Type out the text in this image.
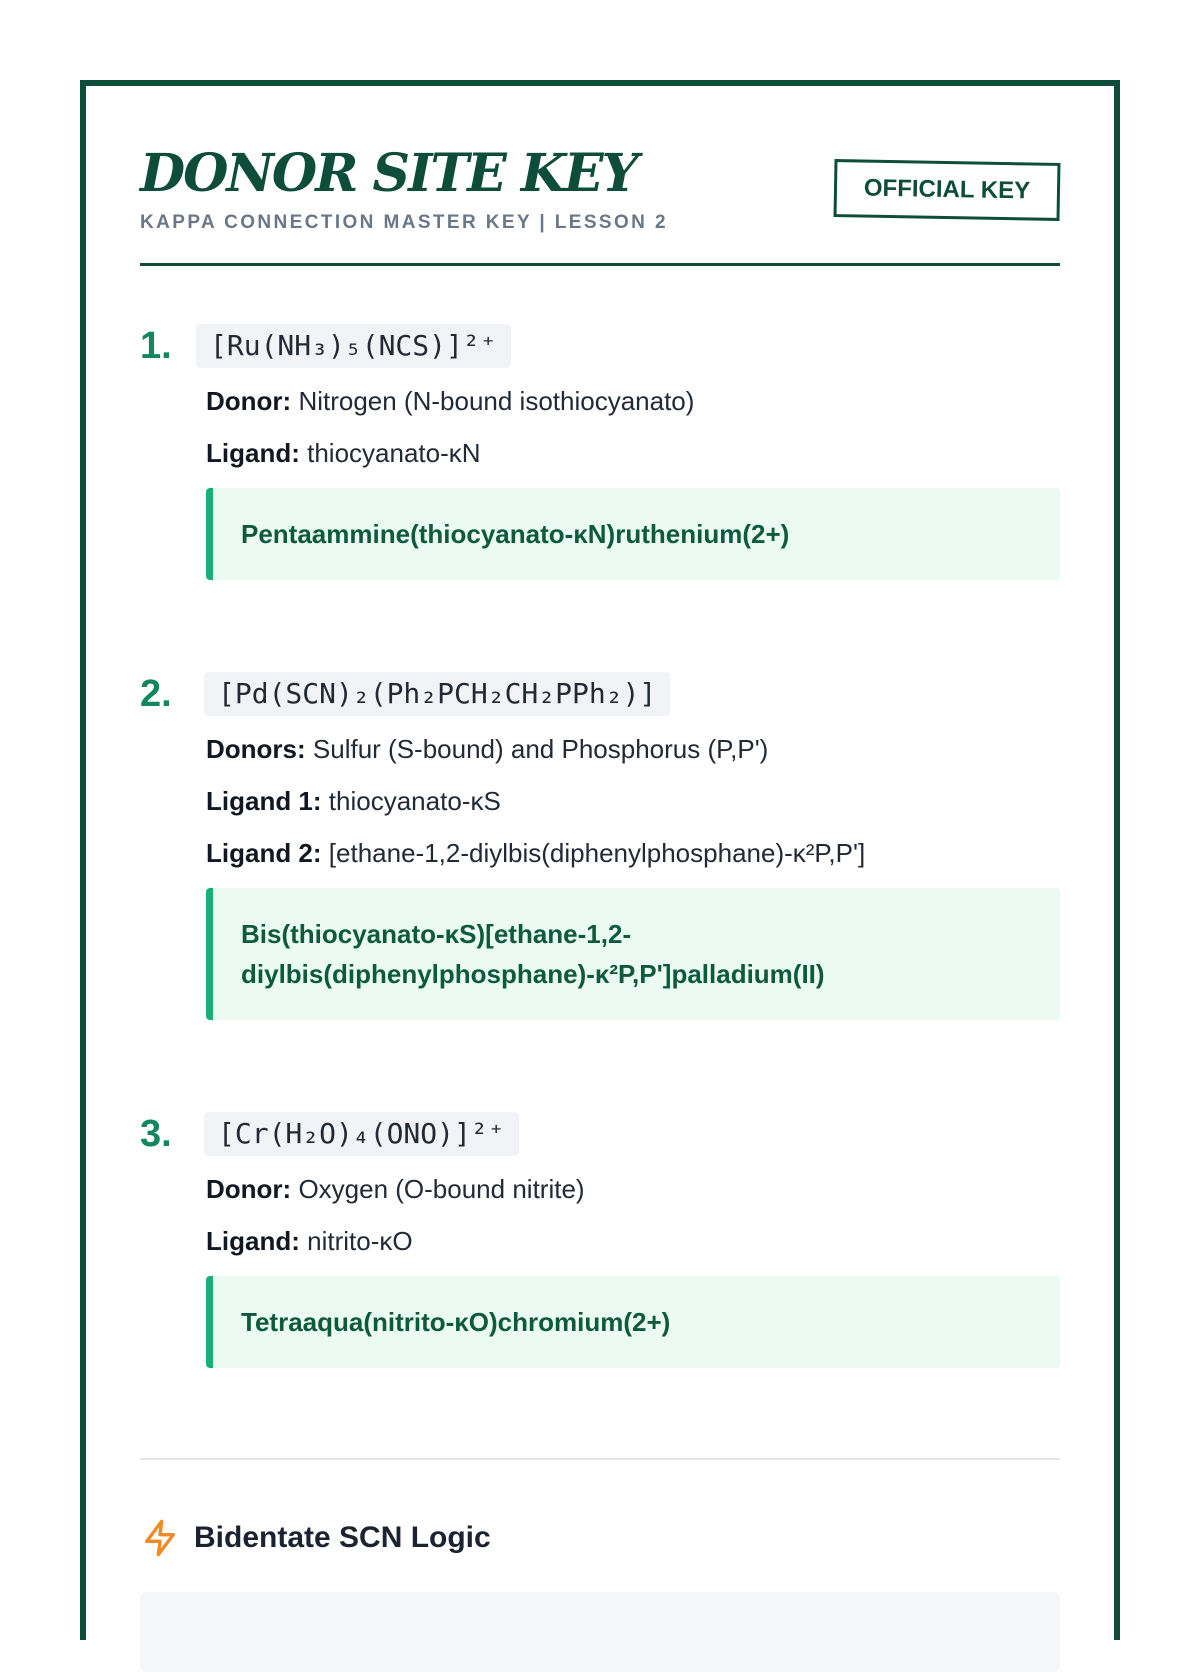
DONOR SITE KEY
KAPPA CONNECTION MASTER KEY | LESSON 2
OFFICIAL KEY
1.	[Ru(NH₃)₅(NCS)]²⁺
Donor: Nitrogen (N-bound isothiocyanato)
Ligand: thiocyanato-κN
Pentaammine(thiocyanato-κN)ruthenium(2+)
2.	[Pd(SCN)₂(Ph₂PCH₂CH₂PPh₂)]
Donors: Sulfur (S-bound) and Phosphorus (P,P')
Ligand 1: thiocyanato-κS
Ligand 2: [ethane-1,2-diylbis(diphenylphosphane)-κ²P,P']
Bis(thiocyanato-κS)[ethane-1,2-
diylbis(diphenylphosphane)-κ²P,P']palladium(II)
3.	[Cr(H₂O)₄(ONO)]²⁺
Donor: Oxygen (O-bound nitrite)
Ligand: nitrito-κO
Tetraaqua(nitrito-κO)chromium(2+)
Bidentate SCN Logic
